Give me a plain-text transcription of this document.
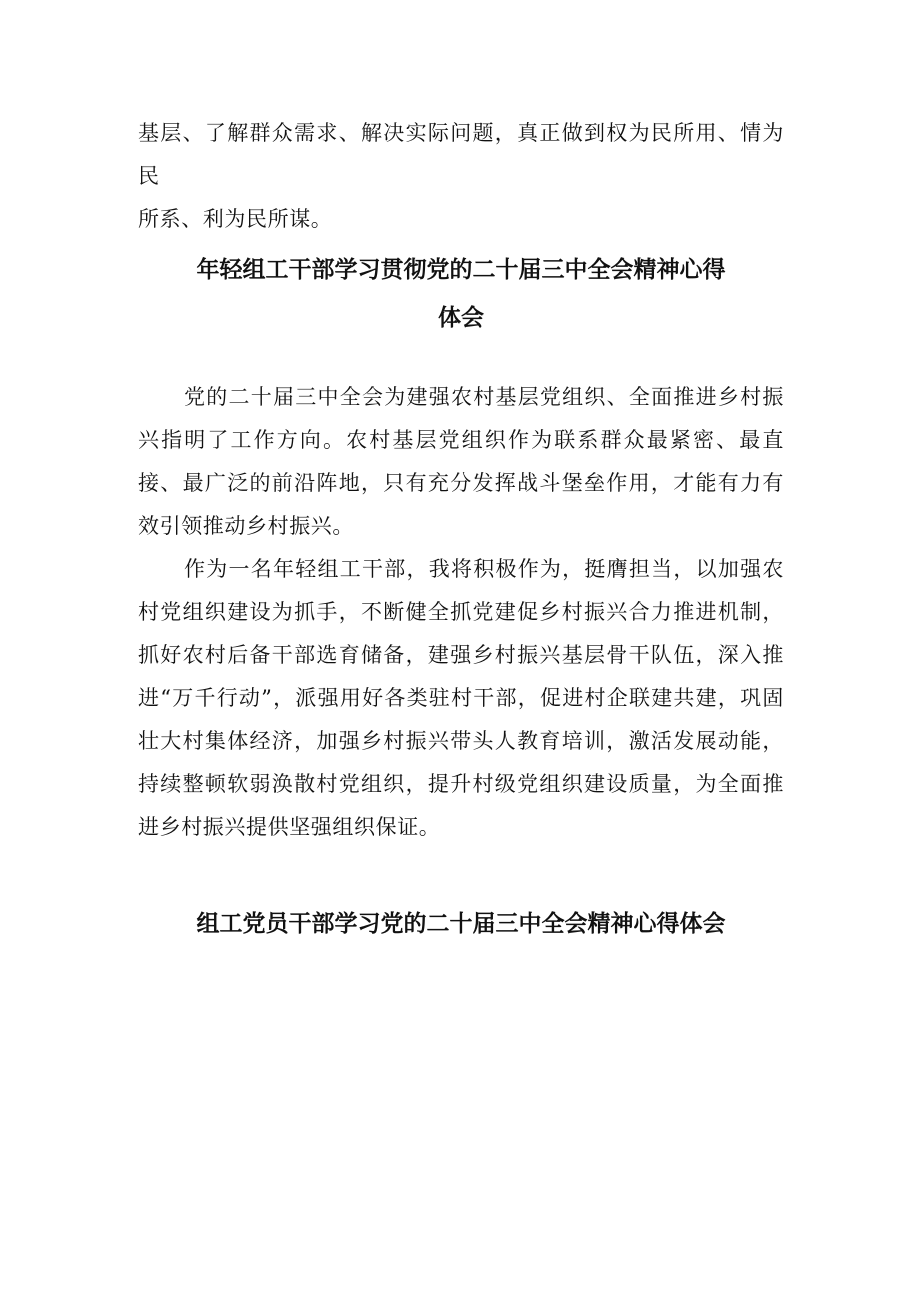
基层、了解群众需求、解决实际问题，真正做到权为民所用、情为民
所系、利为民所谋。
年轻组工干部学习贯彻党的二十届三中全会精神心得
体会

党的二十届三中全会为建强农村基层党组织、全面推进乡村振兴指明了工作方向。农村基层党组织作为联系群众最紧密、最直接、最广泛的前沿阵地，只有充分发挥战斗堡垒作用，才能有力有效引领推动乡村振兴。

作为一名年轻组工干部，我将积极作为，挺膺担当，以加强农村党组织建设为抓手，不断健全抓党建促乡村振兴合力推进机制，抓好农村后备干部选育储备，建强乡村振兴基层骨干队伍，深入推进“万千行动”，派强用好各类驻村干部，促进村企联建共建，巩固壮大村集体经济，加强乡村振兴带头人教育培训，激活发展动能，持续整顿软弱涣散村党组织，提升村级党组织建设质量，为全面推进乡村振兴提供坚强组织保证。

组工党员干部学习党的二十届三中全会精神心得体会
